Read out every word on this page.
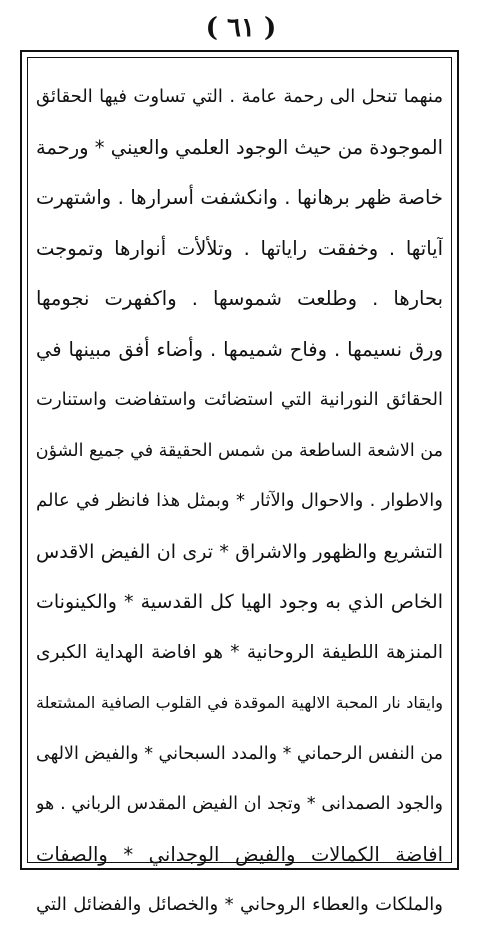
( ٦١ )
منهما تنحل الى رحمة عامة . التي تساوت فيها الحقائق
الموجودة من حيث الوجود العلمي والعيني * ورحمة
خاصة ظهر برهانها . وانكشفت أسرارها . واشتهرت
آياتها . وخفقت راياتها . وتلألأت أنوارها وتموجت
بحارها . وطلعت شموسها . واكفهرت نجومها
ورق نسيمها . وفاح شميمها . وأضاء أفق مبينها في
الحقائق النورانية التي استضائت واستفاضت واستنارت
من الاشعة الساطعة من شمس الحقيقة في جميع الشؤن
والاطوار . والاحوال والآثار * وبمثل هذا فانظر في عالم
التشريع والظهور والاشراق * ترى ان الفيض الاقدس
الخاص الذي به وجود الهيا كل القدسية * والكينونات
المنزهة اللطيفة الروحانية * هو افاضة الهداية الكبرى
وايقاد نار المحبة الالهية الموقدة في القلوب الصافية المشتعلة
من النفس الرحماني * والمدد السبحاني * والفيض الالهى
والجود الصمدانى * وتجد ان الفيض المقدس الرباني . هو
افاضة الكمالات والفيض الوجداني * والصفات
والملكات والعطاء الروحاني * والخصائل والفضائل التي
